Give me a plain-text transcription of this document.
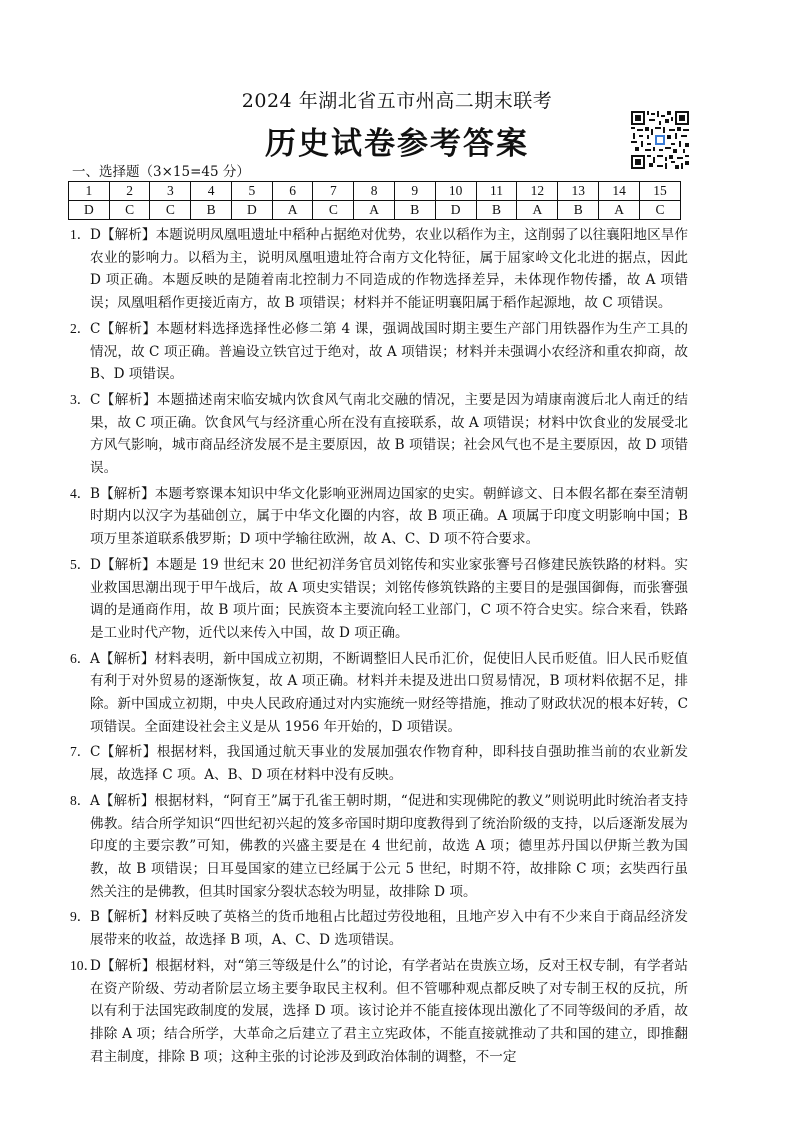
2024 年湖北省五市州高二期末联考
历史试卷参考答案
一、选择题（3×15=45 分）
1	2	3	4	5	6	7	8	9	10	11	12	13	14	15
D	C	C	B	D	A	C	A	B	D	B	A	B	A	C
1． D【解析】本题说明凤凰咀遗址中稻种占据绝对优势，农业以稻作为主，这削弱了以往襄阳地区旱作农业的影响力。以稻为主，说明凤凰咀遗址符合南方文化特征，属于屈家岭文化北进的据点，因此 D 项正确。本题反映的是随着南北控制力不同造成的作物选择差异，未体现作物传播，故 A 项错误；凤凰咀稻作更接近南方，故 B 项错误；材料并不能证明襄阳属于稻作起源地，故 C 项错误。
2． C【解析】本题材料选择选择性必修二第 4 课，强调战国时期主要生产部门用铁器作为生产工具的情况，故 C 项正确。普遍设立铁官过于绝对，故 A 项错误；材料并未强调小农经济和重农抑商，故 B、D 项错误。
3． C【解析】本题描述南宋临安城内饮食风气南北交融的情况，主要是因为靖康南渡后北人南迁的结果，故 C 项正确。饮食风气与经济重心所在没有直接联系，故 A 项错误；材料中饮食业的发展受北方风气影响，城市商品经济发展不是主要原因，故 B 项错误；社会风气也不是主要原因，故 D 项错误。
4． B【解析】本题考察课本知识中华文化影响亚洲周边国家的史实。朝鲜谚文、日本假名都在秦至清朝时期内以汉字为基础创立，属于中华文化圈的内容，故 B 项正确。A 项属于印度文明影响中国；B 项万里茶道联系俄罗斯；D 项中学输往欧洲，故 A、C、D 项不符合要求。
5． D【解析】本题是 19 世纪末 20 世纪初洋务官员刘铭传和实业家张謇号召修建民族铁路的材料。实业救国思潮出现于甲午战后，故 A 项史实错误；刘铭传修筑铁路的主要目的是强国御侮，而张謇强调的是通商作用，故 B 项片面；民族资本主要流向轻工业部门，C 项不符合史实。综合来看，铁路是工业时代产物，近代以来传入中国，故 D 项正确。
6． A【解析】材料表明，新中国成立初期，不断调整旧人民币汇价，促使旧人民币贬值。旧人民币贬值有利于对外贸易的逐渐恢复，故 A 项正确。材料并未提及进出口贸易情况，B 项材料依据不足，排除。新中国成立初期，中央人民政府通过对内实施统一财经等措施，推动了财政状况的根本好转，C 项错误。全面建设社会主义是从 1956 年开始的，D 项错误。
7． C【解析】根据材料，我国通过航天事业的发展加强农作物育种，即科技自强助推当前的农业新发展，故选择 C 项。A、B、D 项在材料中没有反映。
8． A【解析】根据材料，“阿育王”属于孔雀王朝时期，“促进和实现佛陀的教义”则说明此时统治者支持佛教。结合所学知识“四世纪初兴起的笈多帝国时期印度教得到了统治阶级的支持，以后逐渐发展为印度的主要宗教”可知，佛教的兴盛主要是在 4 世纪前，故选 A 项；德里苏丹国以伊斯兰教为国教，故 B 项错误；日耳曼国家的建立已经属于公元 5 世纪，时期不符，故排除 C 项；玄奘西行虽然关注的是佛教，但其时国家分裂状态较为明显，故排除 D 项。
9． B【解析】材料反映了英格兰的货币地租占比超过劳役地租，且地产岁入中有不少来自于商品经济发展带来的收益，故选择 B 项，A、C、D 选项错误。
10．
D【解析】根据材料，对“第三等级是什么”的讨论，有学者站在贵族立场，反对王权专制，有学者站在资产阶级、劳动者阶层立场主要争取民主权利。但不管哪种观点都反映了对专制王权的反抗，所以有利于法国宪政制度的发展，选择 D 项。该讨论并不能直接体现出激化了不同等级间的矛盾，故排除 A 项；结合所学，大革命之后建立了君主立宪政体，不能直接就推动了共和国的建立，即推翻君主制度，排除 B 项；这种主张的讨论涉及到政治体制的调整，不一定
